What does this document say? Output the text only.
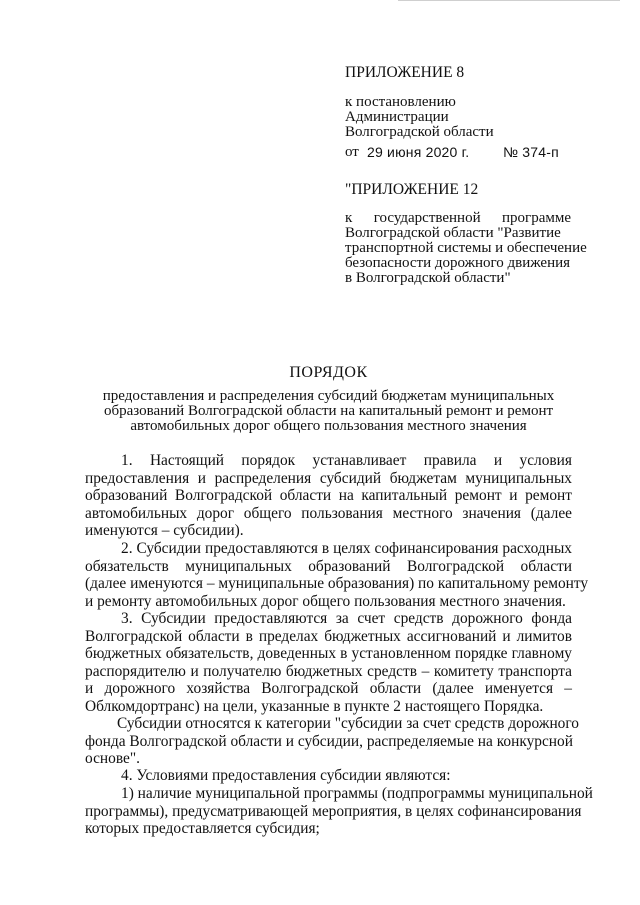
ПРИЛОЖЕНИЕ 8
к постановлению
Администрации
Волгоградской области
от 29 июня 2020 г. № 374-п
"ПРИЛОЖЕНИЕ 12
к государственной программе
Волгоградской области "Развитие
транспортной системы и обеспечение
безопасности дорожного движения
в Волгоградской области"
ПОРЯДОК
предоставления и распределения субсидий бюджетам муниципальных
образований Волгоградской области на капитальный ремонт и ремонт
автомобильных дорог общего пользования местного значения
1. Настоящий порядок устанавливает правила и условия
предоставления и распределения субсидий бюджетам муниципальных
образований Волгоградской области на капитальный ремонт и ремонт
автомобильных дорог общего пользования местного значения (далее
именуются – субсидии).
2. Субсидии предоставляются в целях софинансирования расходных
обязательств муниципальных образований Волгоградской области
(далее именуются – муниципальные образования) по капитальному ремонту
и ремонту автомобильных дорог общего пользования местного значения.
3. Субсидии предоставляются за счет средств дорожного фонда
Волгоградской области в пределах бюджетных ассигнований и лимитов
бюджетных обязательств, доведенных в установленном порядке главному
распорядителю и получателю бюджетных средств – комитету транспорта
и дорожного хозяйства Волгоградской области (далее именуется –
Облкомдортранс) на цели, указанные в пункте 2 настоящего Порядка.
Субсидии относятся к категории "субсидии за счет средств дорожного
фонда Волгоградской области и субсидии, распределяемые на конкурсной
основе".
4. Условиями предоставления субсидии являются:
1) наличие муниципальной программы (подпрограммы муниципальной
программы), предусматривающей мероприятия, в целях софинансирования
которых предоставляется субсидия;
